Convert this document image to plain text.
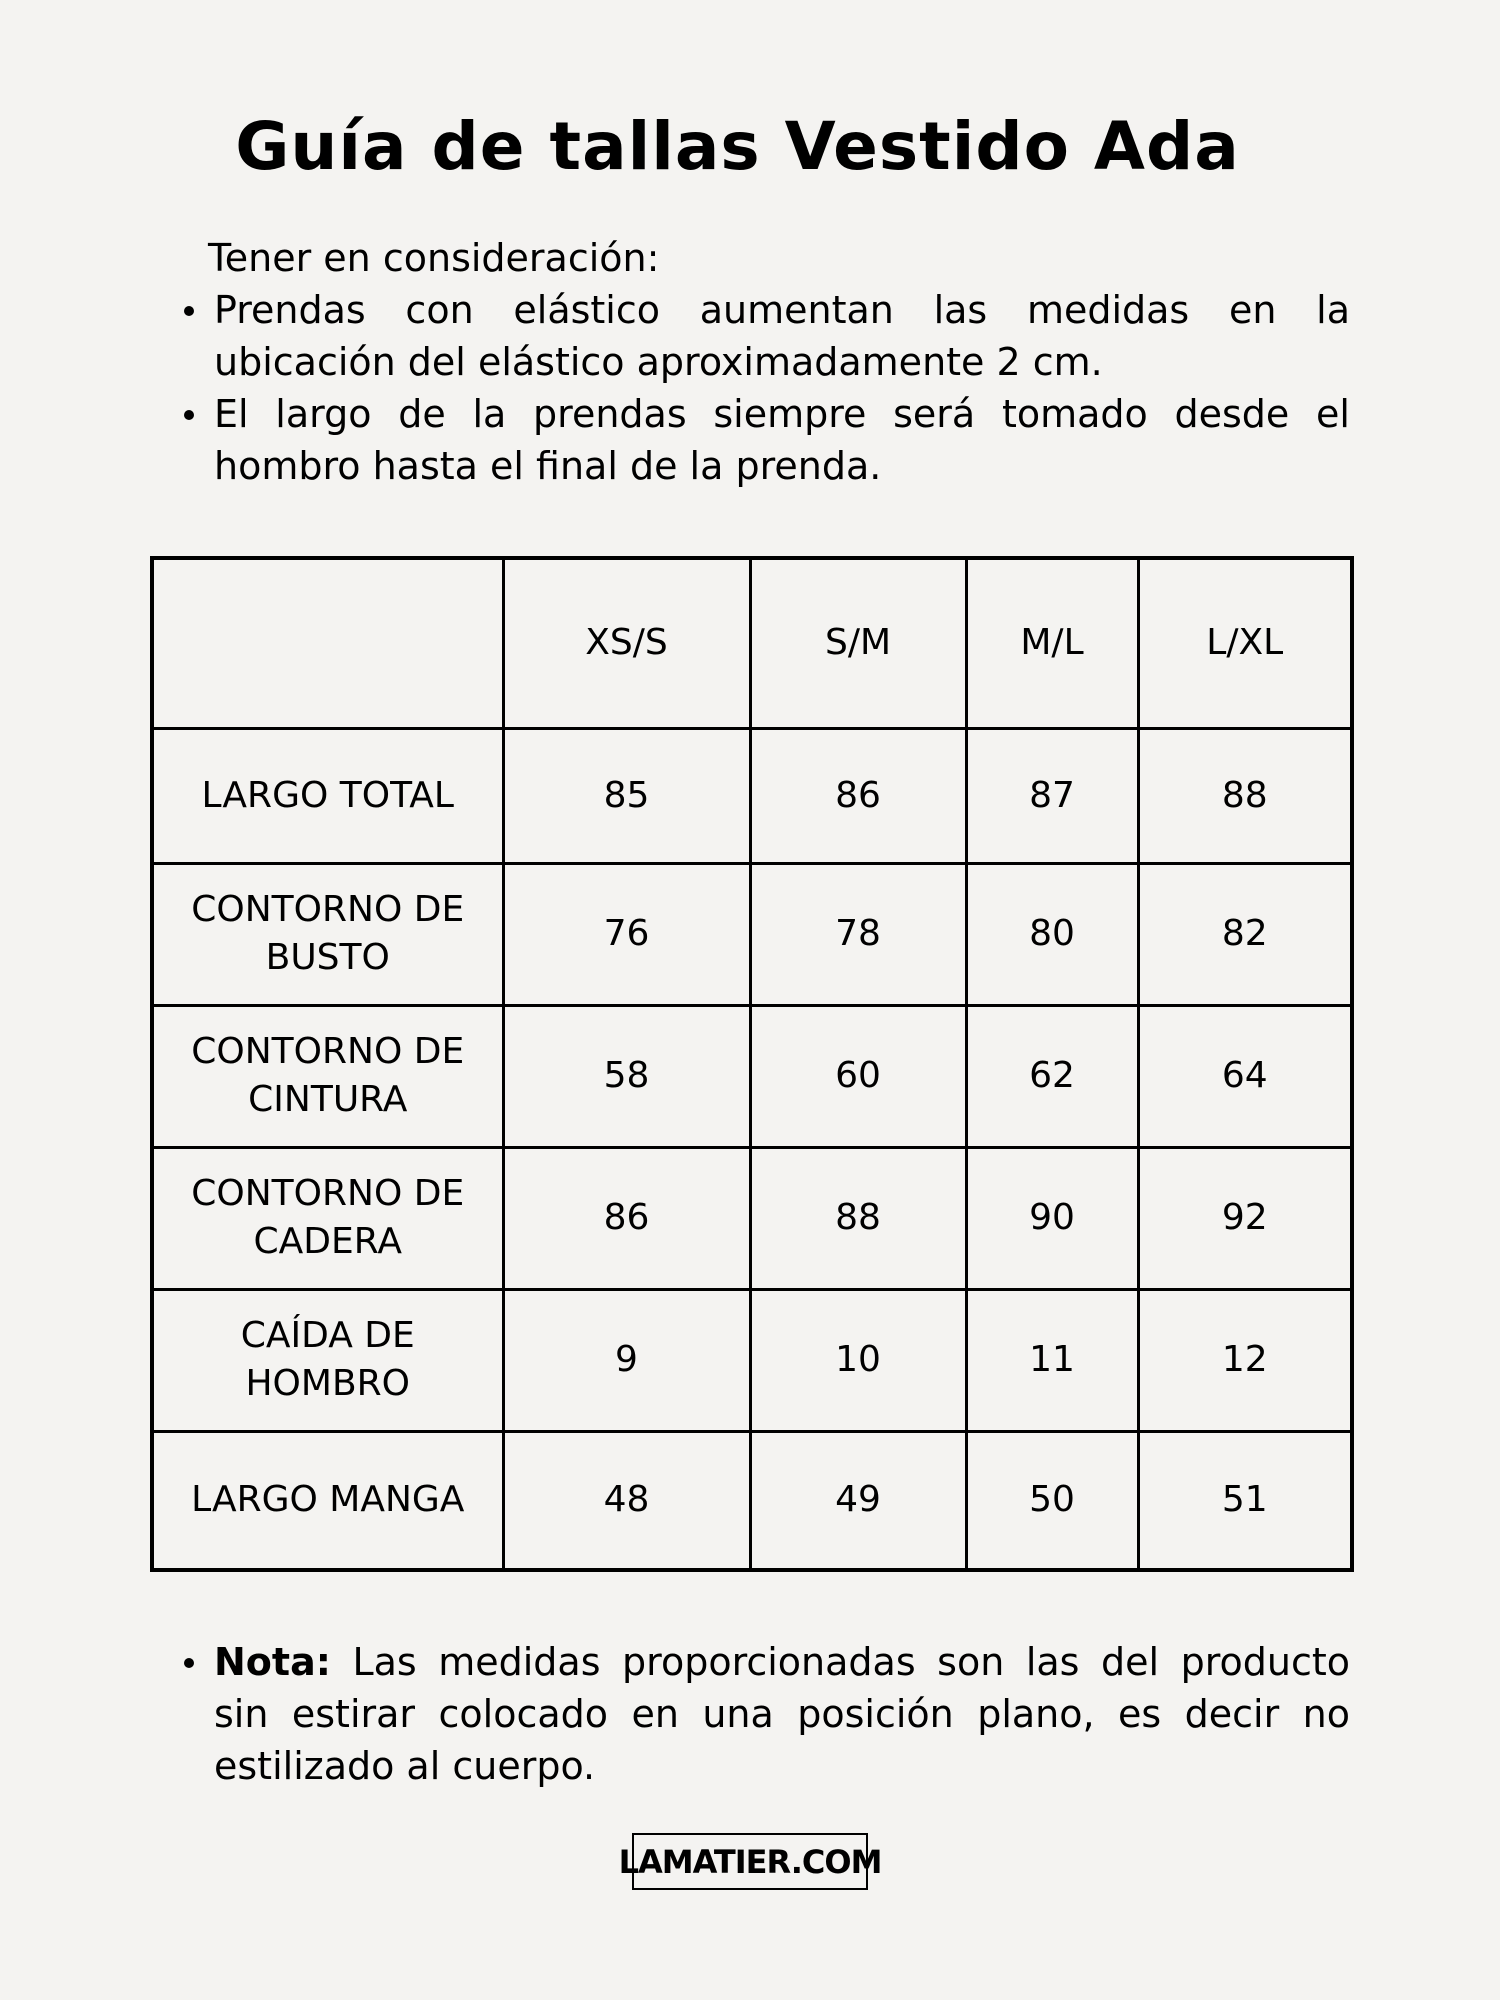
Guía de tallas Vestido Ada

Tener en consideración:

Prendas con elástico aumentan las medidas en la ubicación del elástico aproximadamente 2 cm.
El largo de la prendas siempre será tomado desde el hombro hasta el final de la prenda.
	XS/S	S/M	M/L	L/XL
LARGO TOTAL	85	86	87	88
CONTORNO DE BUSTO	76	78	80	82
CONTORNO DE CINTURA	58	60	62	64
CONTORNO DE CADERA	86	88	90	92
CAÍDA DE HOMBRO	9	10	11	12
LARGO MANGA	48	49	50	51
Nota: Las medidas proporcionadas son las del producto sin estirar colocado en una posición plano, es decir no estilizado al cuerpo.
LAMATIER.COM
